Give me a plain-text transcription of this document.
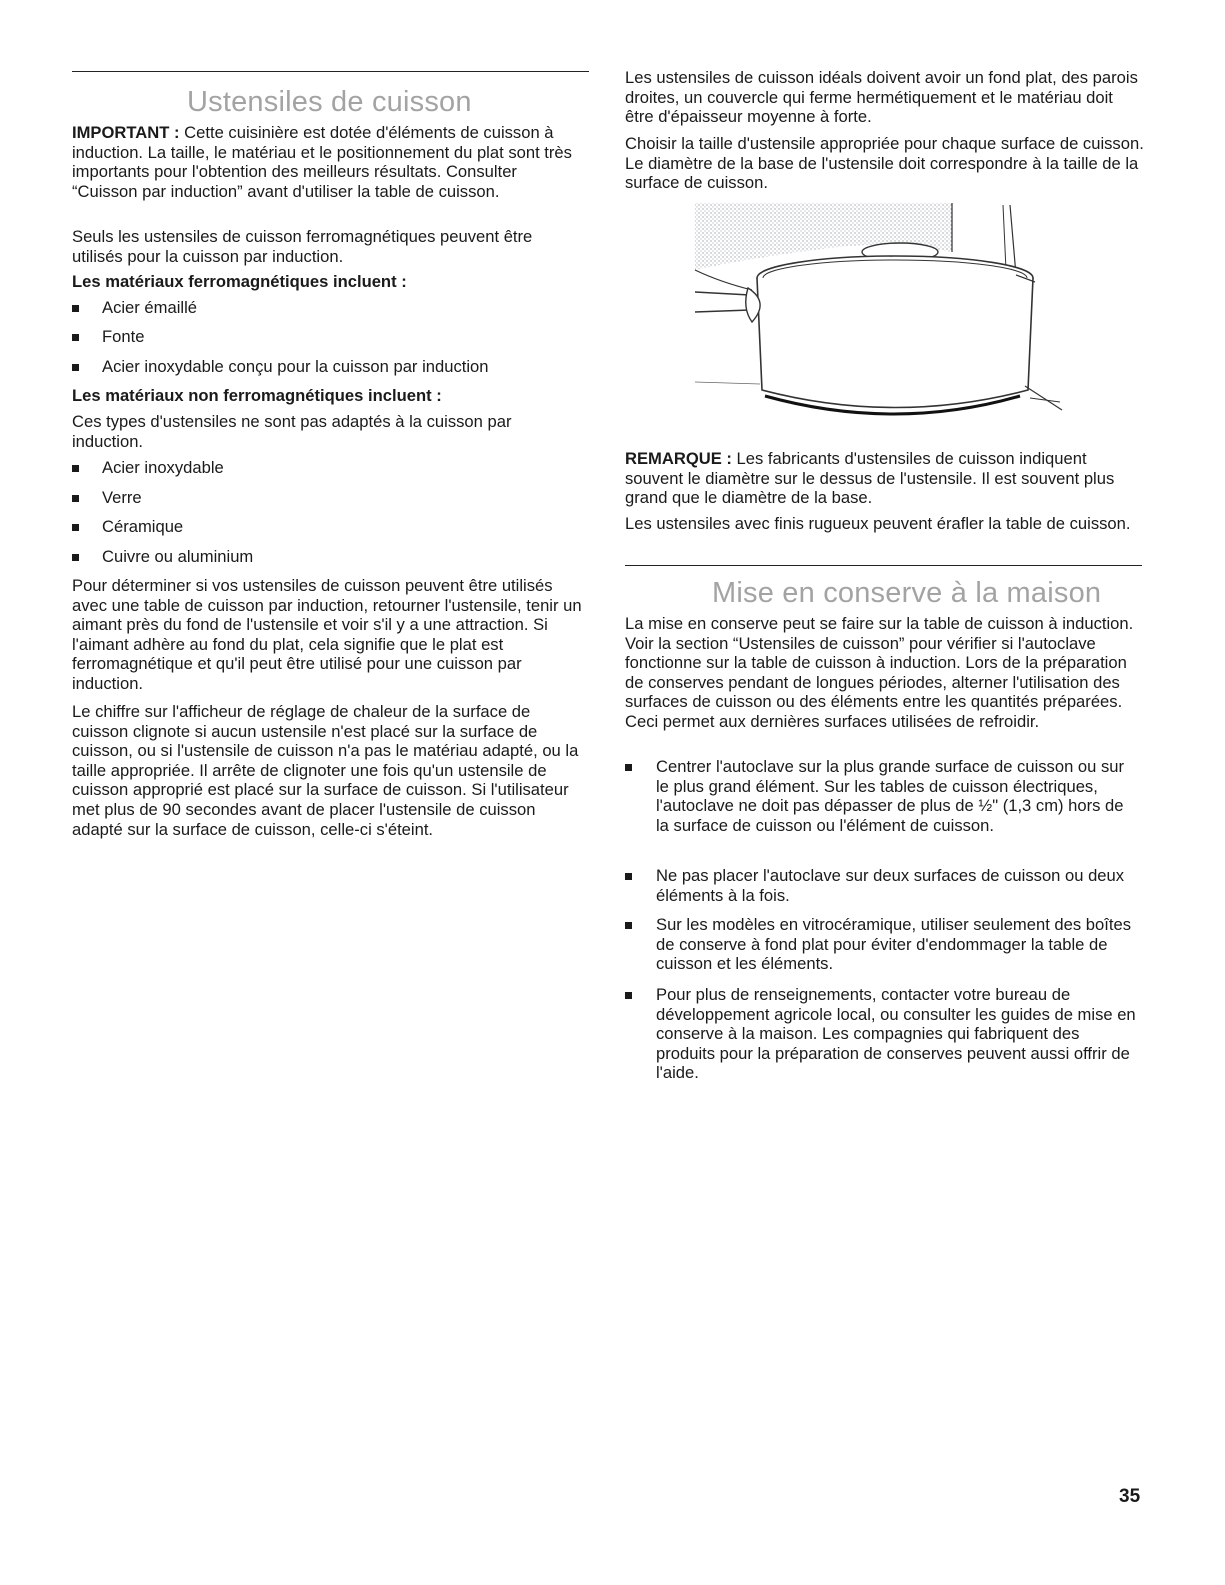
Ustensiles de cuisson

IMPORTANT : Cette cuisinière est dotée d'éléments de cuisson à induction. La taille, le matériau et le positionnement du plat sont très importants pour l'obtention des meilleurs résultats. Consulter “Cuisson par induction” avant d'utiliser la table de cuisson.

Seuls les ustensiles de cuisson ferromagnétiques peuvent être utilisés pour la cuisson par induction.

Les matériaux ferromagnétiques incluent :

Acier émaillé
Fonte
Acier inoxydable conçu pour la cuisson par induction

Les matériaux non ferromagnétiques incluent :

Ces types d'ustensiles ne sont pas adaptés à la cuisson par induction.

Acier inoxydable
Verre
Céramique
Cuivre ou aluminium

Pour déterminer si vos ustensiles de cuisson peuvent être utilisés avec une table de cuisson par induction, retourner l'ustensile, tenir un aimant près du fond de l'ustensile et voir s'il y a une attraction. Si l'aimant adhère au fond du plat, cela signifie que le plat est ferromagnétique et qu'il peut être utilisé pour une cuisson par induction.

Le chiffre sur l'afficheur de réglage de chaleur de la surface de cuisson clignote si aucun ustensile n'est placé sur la surface de cuisson, ou si l'ustensile de cuisson n'a pas le matériau adapté, ou la taille appropriée. Il arrête de clignoter une fois qu'un ustensile de cuisson approprié est placé sur la surface de cuisson. Si l'utilisateur met plus de 90 secondes avant de placer l'ustensile de cuisson adapté sur la surface de cuisson, celle-ci s'éteint.

Les ustensiles de cuisson idéals doivent avoir un fond plat, des parois droites, un couvercle qui ferme hermétiquement et le matériau doit être d'épaisseur moyenne à forte.

Choisir la taille d'ustensile appropriée pour chaque surface de cuisson. Le diamètre de la base de l'ustensile doit correspondre à la taille de la surface de cuisson.

REMARQUE : Les fabricants d'ustensiles de cuisson indiquent souvent le diamètre sur le dessus de l'ustensile. Il est souvent plus grand que le diamètre de la base.

Les ustensiles avec finis rugueux peuvent érafler la table de cuisson.

Mise en conserve à la maison

La mise en conserve peut se faire sur la table de cuisson à induction. Voir la section “Ustensiles de cuisson” pour vérifier si l'autoclave fonctionne sur la table de cuisson à induction. Lors de la préparation de conserves pendant de longues périodes, alterner l'utilisation des surfaces de cuisson ou des éléments entre les quantités préparées. Ceci permet aux dernières surfaces utilisées de refroidir.

Centrer l'autoclave sur la plus grande surface de cuisson ou sur le plus grand élément. Sur les tables de cuisson électriques, l'autoclave ne doit pas dépasser de plus de ½" (1,3 cm) hors de la surface de cuisson ou l'élément de cuisson.
Ne pas placer l'autoclave sur deux surfaces de cuisson ou deux éléments à la fois.
Sur les modèles en vitrocéramique, utiliser seulement des boîtes de conserve à fond plat pour éviter d'endommager la table de cuisson et les éléments.
Pour plus de renseignements, contacter votre bureau de développement agricole local, ou consulter les guides de mise en conserve à la maison. Les compagnies qui fabriquent des produits pour la préparation de conserves peuvent aussi offrir de l'aide.
35
